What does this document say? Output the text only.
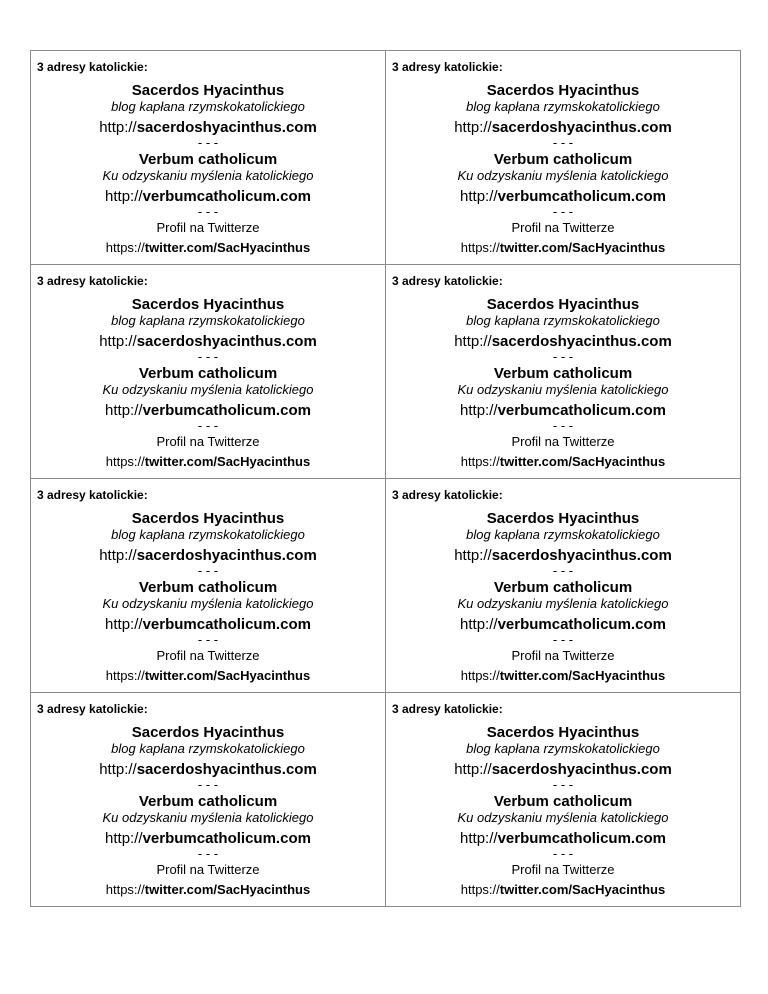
3 adresy katolickie:
Sacerdos Hyacinthus
blog kapłana rzymskokatolickiego
http://sacerdoshyacinthus.com
- - -
Verbum catholicum
Ku odzyskaniu myślenia katolickiego
http://verbumcatholicum.com
- - -
Profil na Twitterze
https://twitter.com/SacHyacinthus
3 adresy katolickie:
Sacerdos Hyacinthus
blog kapłana rzymskokatolickiego
http://sacerdoshyacinthus.com
- - -
Verbum catholicum
Ku odzyskaniu myślenia katolickiego
http://verbumcatholicum.com
- - -
Profil na Twitterze
https://twitter.com/SacHyacinthus
3 adresy katolickie:
Sacerdos Hyacinthus
blog kapłana rzymskokatolickiego
http://sacerdoshyacinthus.com
- - -
Verbum catholicum
Ku odzyskaniu myślenia katolickiego
http://verbumcatholicum.com
- - -
Profil na Twitterze
https://twitter.com/SacHyacinthus
3 adresy katolickie:
Sacerdos Hyacinthus
blog kapłana rzymskokatolickiego
http://sacerdoshyacinthus.com
- - -
Verbum catholicum
Ku odzyskaniu myślenia katolickiego
http://verbumcatholicum.com
- - -
Profil na Twitterze
https://twitter.com/SacHyacinthus
3 adresy katolickie:
Sacerdos Hyacinthus
blog kapłana rzymskokatolickiego
http://sacerdoshyacinthus.com
- - -
Verbum catholicum
Ku odzyskaniu myślenia katolickiego
http://verbumcatholicum.com
- - -
Profil na Twitterze
https://twitter.com/SacHyacinthus
3 adresy katolickie:
Sacerdos Hyacinthus
blog kapłana rzymskokatolickiego
http://sacerdoshyacinthus.com
- - -
Verbum catholicum
Ku odzyskaniu myślenia katolickiego
http://verbumcatholicum.com
- - -
Profil na Twitterze
https://twitter.com/SacHyacinthus
3 adresy katolickie:
Sacerdos Hyacinthus
blog kapłana rzymskokatolickiego
http://sacerdoshyacinthus.com
- - -
Verbum catholicum
Ku odzyskaniu myślenia katolickiego
http://verbumcatholicum.com
- - -
Profil na Twitterze
https://twitter.com/SacHyacinthus
3 adresy katolickie:
Sacerdos Hyacinthus
blog kapłana rzymskokatolickiego
http://sacerdoshyacinthus.com
- - -
Verbum catholicum
Ku odzyskaniu myślenia katolickiego
http://verbumcatholicum.com
- - -
Profil na Twitterze
https://twitter.com/SacHyacinthus
